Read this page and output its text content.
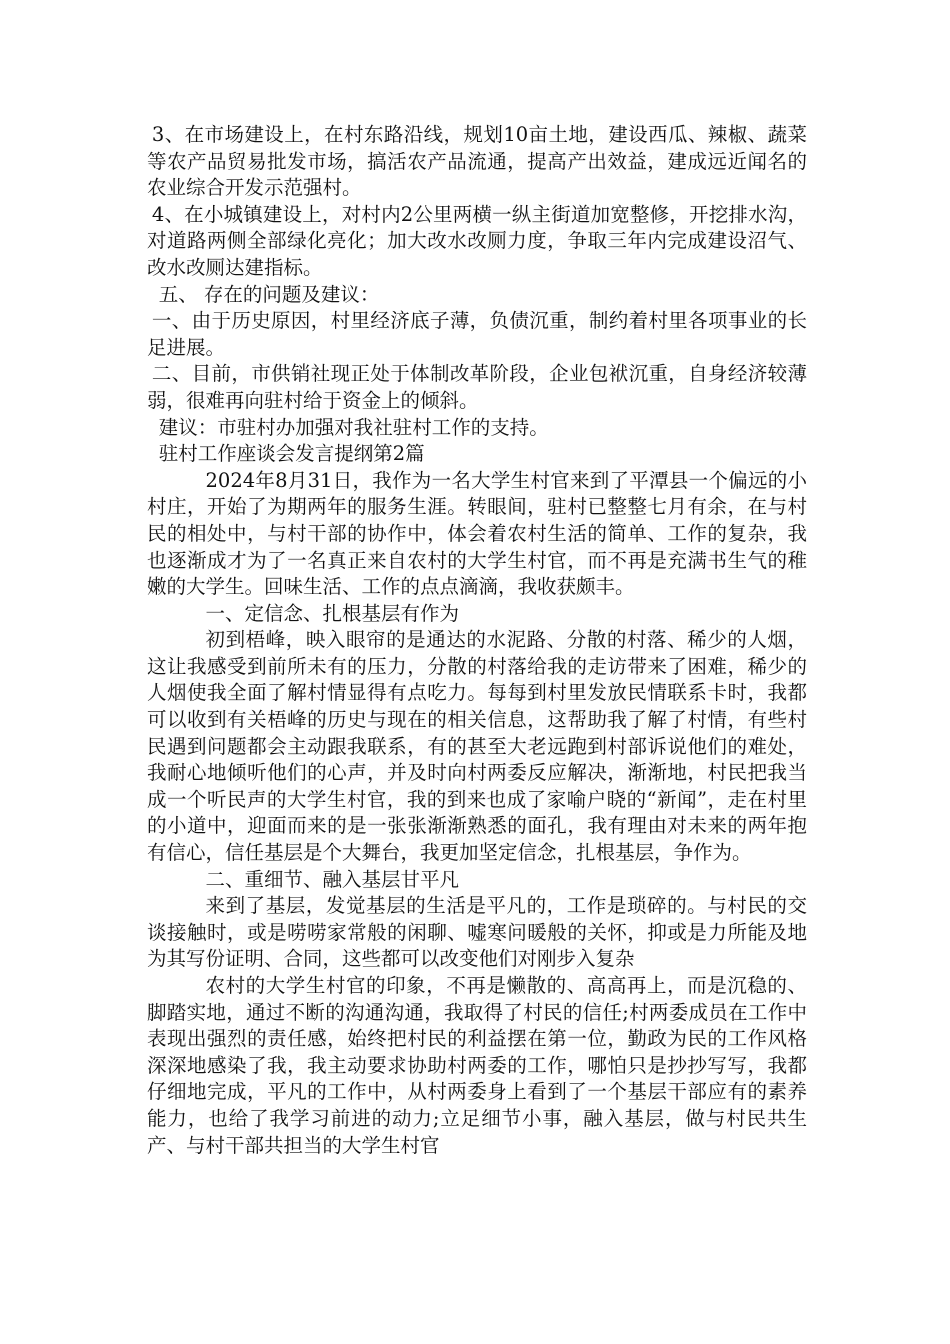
3、在市场建设上，在村东路沿线，规划10亩土地，建设西瓜、辣椒、蔬菜等农产品贸易批发市场，搞活农产品流通，提高产出效益，建成远近闻名的农业综合开发示范强村。

4、在小城镇建设上，对村内2公里两横一纵主街道加宽整修，开挖排水沟，对道路两侧全部绿化亮化；加大改水改厕力度，争取三年内完成建设沼气、改水改厕达建指标。

五、 存在的问题及建议：

一、由于历史原因，村里经济底子薄，负债沉重，制约着村里各项事业的长足进展。

二、目前，市供销社现正处于体制改革阶段，企业包袱沉重，自身经济较薄弱，很难再向驻村给于资金上的倾斜。

建议：市驻村办加强对我社驻村工作的支持。

驻村工作座谈会发言提纲第2篇

2024年8月31日，我作为一名大学生村官来到了平潭县一个偏远的小村庄，开始了为期两年的服务生涯。转眼间，驻村已整整七月有余，在与村民的相处中，与村干部的协作中，体会着农村生活的简单、工作的复杂，我也逐渐成才为了一名真正来自农村的大学生村官，而不再是充满书生气的稚嫩的大学生。回味生活、工作的点点滴滴，我收获颇丰。

一、定信念、扎根基层有作为

初到梧峰，映入眼帘的是通达的水泥路、分散的村落、稀少的人烟，这让我感受到前所未有的压力，分散的村落给我的走访带来了困难，稀少的人烟使我全面了解村情显得有点吃力。每每到村里发放民情联系卡时，我都可以收到有关梧峰的历史与现在的相关信息，这帮助我了解了村情，有些村民遇到问题都会主动跟我联系，有的甚至大老远跑到村部诉说他们的难处，我耐心地倾听他们的心声，并及时向村两委反应解决，渐渐地，村民把我当成一个听民声的大学生村官，我的到来也成了家喻户晓的“新闻”，走在村里的小道中，迎面而来的是一张张渐渐熟悉的面孔，我有理由对未来的两年抱有信心，信任基层是个大舞台，我更加坚定信念，扎根基层，争作为。

二、重细节、融入基层甘平凡

来到了基层，发觉基层的生活是平凡的，工作是琐碎的。与村民的交谈接触时，或是唠唠家常般的闲聊、嘘寒问暖般的关怀，抑或是力所能及地为其写份证明、合同，这些都可以改变他们对刚步入复杂

农村的大学生村官的印象，不再是懒散的、高高再上，而是沉稳的、脚踏实地，通过不断的沟通沟通，我取得了村民的信任;村两委成员在工作中表现出强烈的责任感，始终把村民的利益摆在第一位，勤政为民的工作风格深深地感染了我，我主动要求协助村两委的工作，哪怕只是抄抄写写，我都仔细地完成，平凡的工作中，从村两委身上看到了一个基层干部应有的素养能力，也给了我学习前进的动力;立足细节小事，融入基层，做与村民共生产、与村干部共担当的大学生村官
